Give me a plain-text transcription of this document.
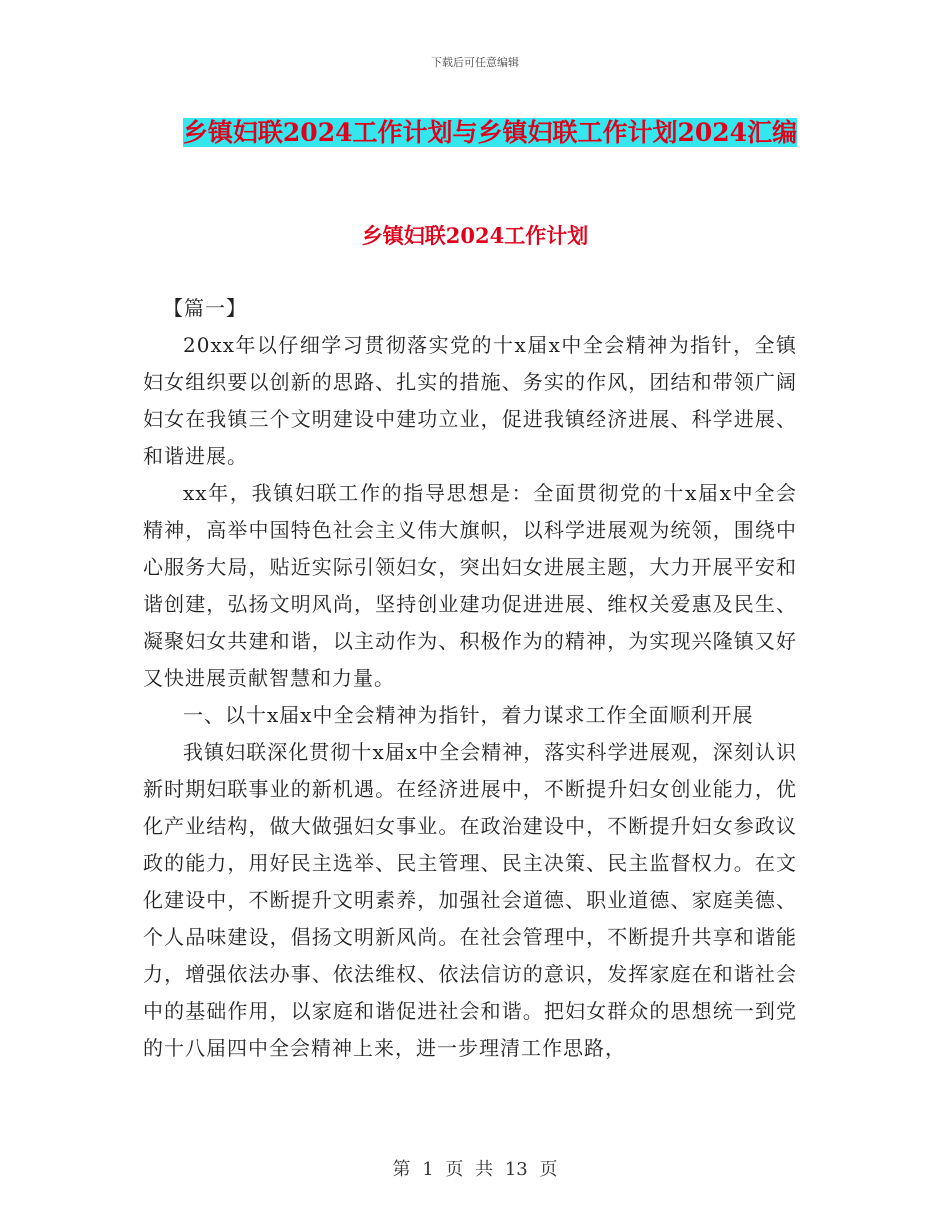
下载后可任意编辑
乡镇妇联2024工作计划与乡镇妇联工作计划2024汇编
乡镇妇联2024工作计划

【篇一】

20xx年以仔细学习贯彻落实党的十x届x中全会精神为指针，全镇妇女组织要以创新的思路、扎实的措施、务实的作风，团结和带领广阔妇女在我镇三个文明建设中建功立业，促进我镇经济进展、科学进展、和谐进展。

xx年，我镇妇联工作的指导思想是：全面贯彻党的十x届x中全会精神，高举中国特色社会主义伟大旗帜，以科学进展观为统领，围绕中心服务大局，贴近实际引领妇女，突出妇女进展主题，大力开展平安和谐创建，弘扬文明风尚，坚持创业建功促进进展、维权关爱惠及民生、凝聚妇女共建和谐，以主动作为、积极作为的精神，为实现兴隆镇又好又快进展贡献智慧和力量。

一、以十x届x中全会精神为指针，着力谋求工作全面顺利开展

我镇妇联深化贯彻十x届x中全会精神，落实科学进展观，深刻认识新时期妇联事业的新机遇。在经济进展中，不断提升妇女创业能力，优化产业结构，做大做强妇女事业。在政治建设中，不断提升妇女参政议政的能力，用好民主选举、民主管理、民主决策、民主监督权力。在文化建设中，不断提升文明素养，加强社会道德、职业道德、家庭美德、个人品味建设，倡扬文明新风尚。在社会管理中，不断提升共享和谐能力，增强依法办事、依法维权、依法信访的意识，发挥家庭在和谐社会中的基础作用，以家庭和谐促进社会和谐。把妇女群众的思想统一到党的十八届四中全会精神上来，进一步理清工作思路，

第 1 页 共 13 页
